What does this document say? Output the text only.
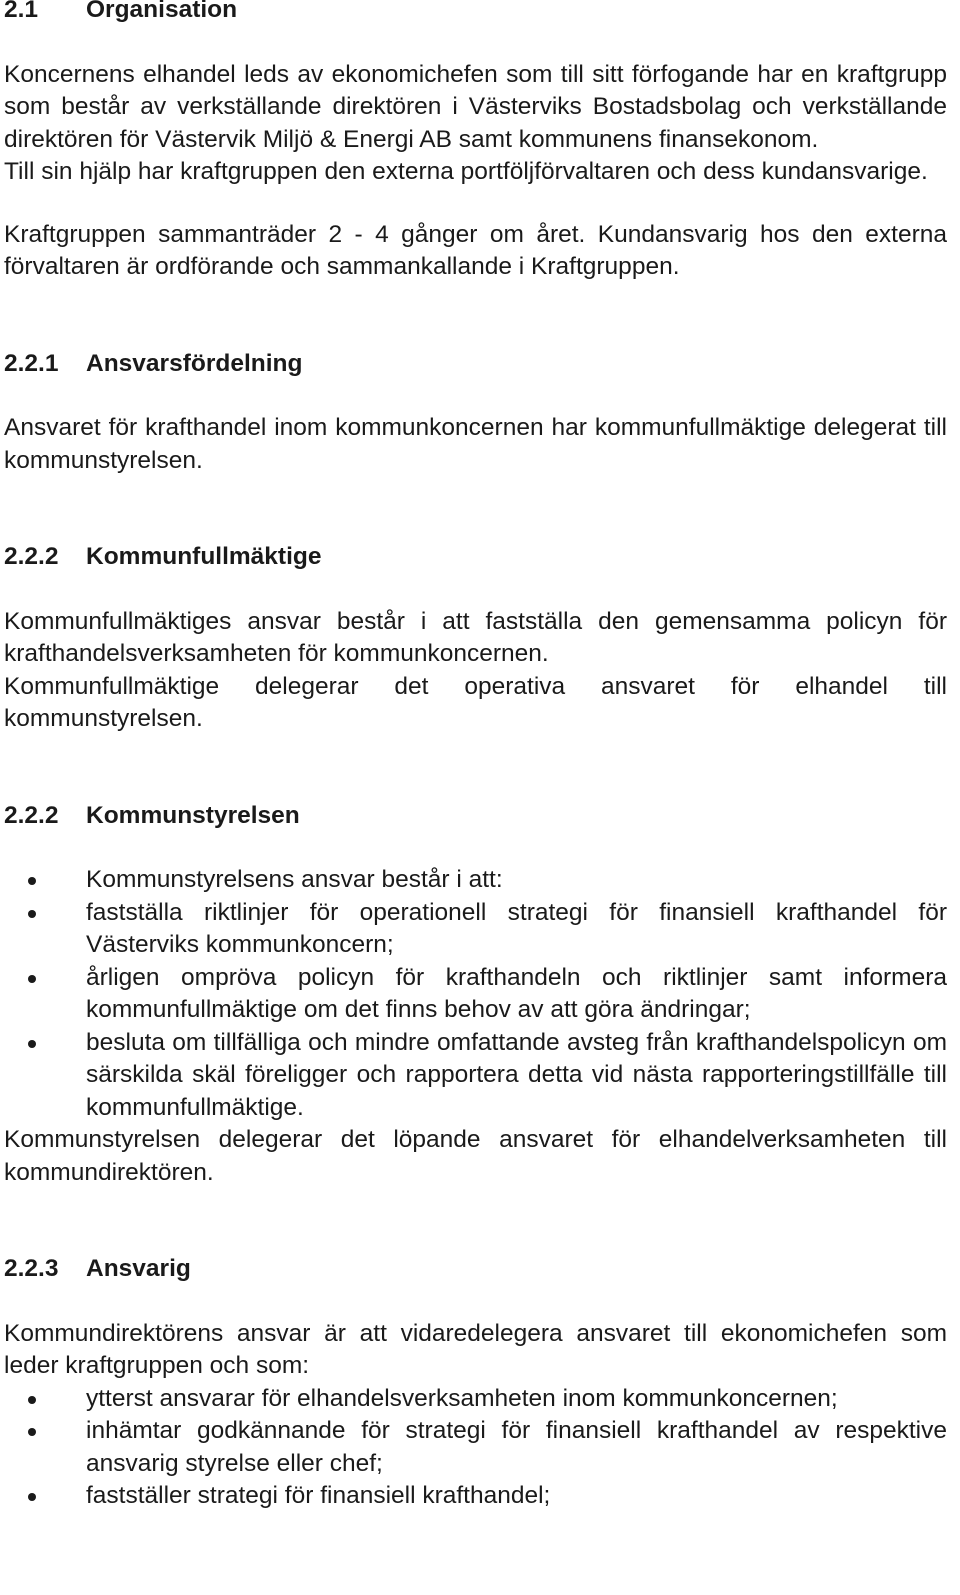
2.1 Organisation

Koncernens elhandel leds av ekonomichefen som till sitt förfogande har en kraftgrupp som består av verkställande direktören i Västerviks Bostadsbolag och verkställande direktören för Västervik Miljö & Energi AB samt kommunens finansekonom.

Till sin hjälp har kraftgruppen den externa portföljförvaltaren och dess kundansvarige.

Kraftgruppen sammanträder 2 - 4 gånger om året. Kundansvarig hos den externa förvaltaren är ordförande och sammankallande i Kraftgruppen.

2.2.1 Ansvarsfördelning

Ansvaret för krafthandel inom kommunkoncernen har kommunfullmäktige delegerat till kommunstyrelsen.

2.2.2 Kommunfullmäktige

Kommunfullmäktiges ansvar består i att fastställa den gemensamma policyn för krafthandelsverksamheten för kommunkoncernen.

Kommunfullmäktige delegerar det operativa ansvaret för elhandel till kommunstyrelsen.

2.2.2 Kommunstyrelsen
Kommunstyrelsens ansvar består i att:
fastställa riktlinjer för operationell strategi för finansiell krafthandel för Västerviks kommunkoncern;
årligen ompröva policyn för krafthandeln och riktlinjer samt informera kommunfullmäktige om det finns behov av att göra ändringar;
besluta om tillfälliga och mindre omfattande avsteg från krafthandelspolicyn om särskilda skäl föreligger och rapportera detta vid nästa rapporteringstillfälle till kommunfullmäktige.

Kommunstyrelsen delegerar det löpande ansvaret för elhandelverksamheten till kommundirektören.

2.2.3 Ansvarig

Kommundirektörens ansvar är att vidaredelegera ansvaret till ekonomichefen som leder kraftgruppen och som:

ytterst ansvarar för elhandelsverksamheten inom kommunkoncernen;
inhämtar godkännande för strategi för finansiell krafthandel av respektive ansvarig styrelse eller chef;
fastställer strategi för finansiell krafthandel;
